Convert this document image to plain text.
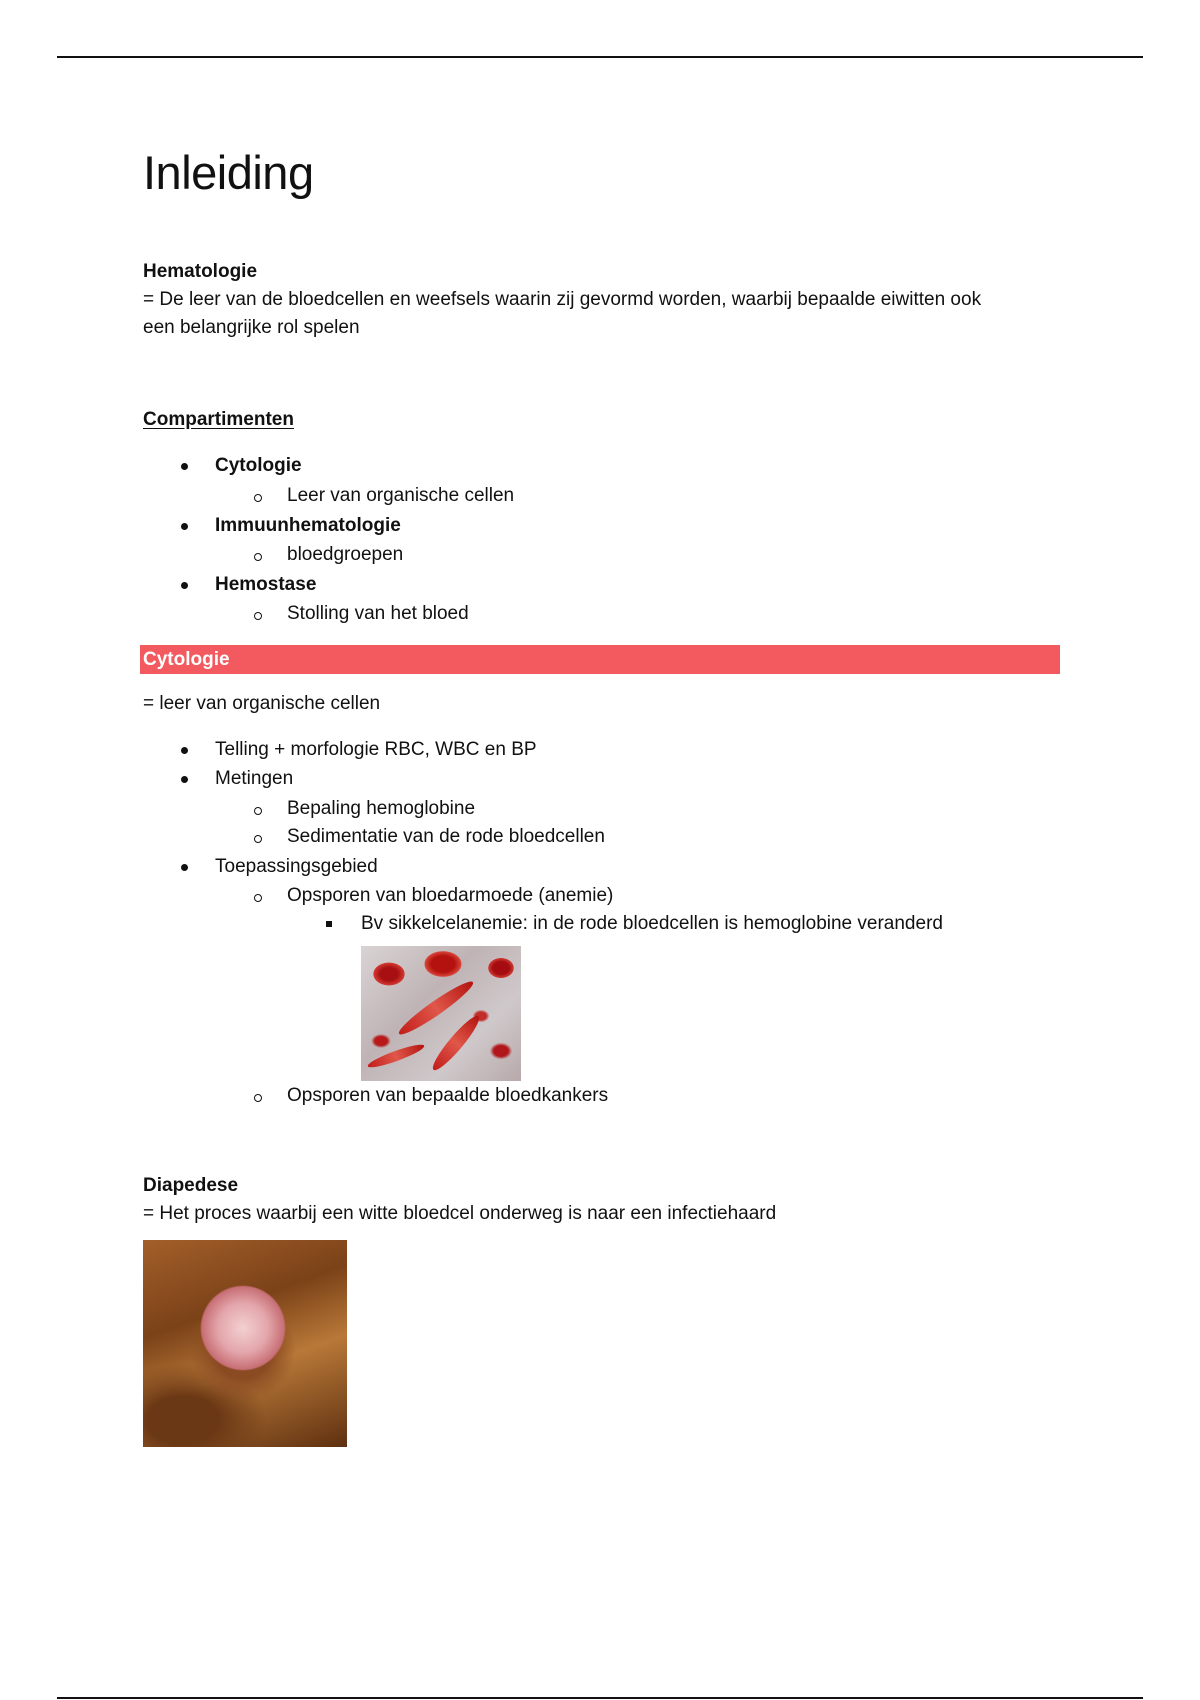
Inleiding
Hematologie
= De leer van de bloedcellen en weefsels waarin zij gevormd worden, waarbij bepaalde eiwitten ook
een belangrijke rol spelen
Compartimenten
Cytologie
Leer van organische cellen
Immuunhematologie
bloedgroepen
Hemostase
Stolling van het bloed
Cytologie
= leer van organische cellen
Telling + morfologie RBC, WBC en BP
Metingen
Bepaling hemoglobine
Sedimentatie van de rode bloedcellen
Toepassingsgebied
Opsporen van bloedarmoede (anemie)
Bv sikkelcelanemie: in de rode bloedcellen is hemoglobine veranderd
Opsporen van bepaalde bloedkankers
Diapedese
= Het proces waarbij een witte bloedcel onderweg is naar een infectiehaard
